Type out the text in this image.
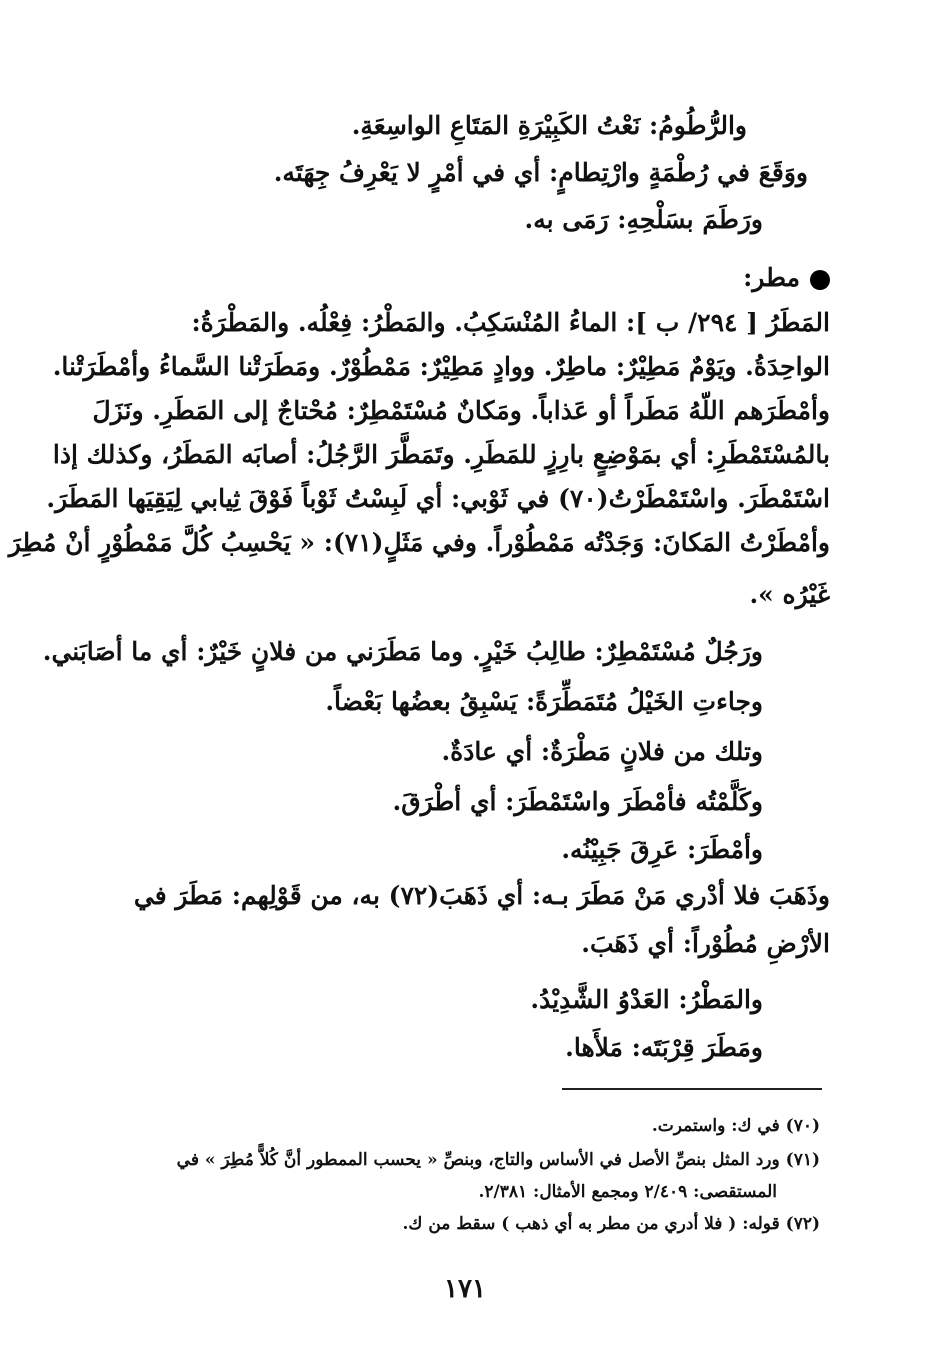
والرُّطُومُ: نَعْتُ الكَبِيْرَةِ المَتَاعِ الواسِعَةِ.
ووَقَعَ في رُطْمَةٍ وارْتِطامٍ: أي في أمْرٍ لا يَعْرِفُ جِهَتَه.
ورَطَمَ بسَلْحِهِ: رَمَى به.
مطر:
المَطَرُ [ ٢٩٤/ ب ]: الماءُ المُنْسَكِبُ. والمَطْرُ: فِعْلُه. والمَطْرَةُ:
الواحِدَةُ. ويَوْمٌ مَطِيْرٌ: ماطِرٌ. ووادٍ مَطِيْرٌ: مَمْطُوْرٌ. ومَطَرَتْنا السَّماءُ وأمْطَرَتْنا.
وأمْطَرَهم اللّهُ مَطَراً أو عَذاباً. ومَكانٌ مُسْتَمْطِرٌ: مُحْتاجٌ إلى المَطَرِ. ونَزَلَ
بالمُسْتَمْطَرِ: أي بمَوْضِعٍ بارِزٍ للمَطَرِ. وتَمَطَّرَ الرَّجُلُ: أصابَه المَطَرُ، وكذلك إذا
اسْتَمْطَرَ. واسْتَمْطَرْتُ(٧٠) في ثَوْبي: أي لَبِسْتُ ثَوْباً فَوْقَ ثِيابي لِيَقِيَها المَطَرَ.
وأمْطَرْتُ المَكانَ: وَجَدْتُه مَمْطُوْراً. وفي مَثَلٍ(٧١): « يَحْسِبُ كُلَّ مَمْطُوْرٍ أنْ مُطِرَ
غَيْرُه ».
ورَجُلٌ مُسْتَمْطِرٌ: طالِبُ خَيْرٍ. وما مَطَرَني من فلانٍ خَيْرٌ: أي ما أصَابَني.
وجاءتِ الخَيْلُ مُتَمَطِّرَةً: يَسْبِقُ بعضُها بَعْضاً.
وتلك من فلانٍ مَطْرَةٌ: أي عادَةٌ.
وكَلَّمْتُه فأمْطَرَ واسْتَمْطَرَ: أي أطْرَقَ.
وأمْطَرَ: عَرِقَ جَبِيْنُه.
وذَهَبَ فلا أدْري مَنْ مَطَرَ بـه: أي ذَهَبَ(٧٢) به، من قَوْلِهم: مَطَرَ في
الأرْضِ مُطُوْراً: أي ذَهَبَ.
والمَطْرُ: العَدْوُ الشَّدِيْدُ.
ومَطَرَ قِرْبَتَه: مَلأَها.
(٧٠) في ك: واستمرت.
(٧١) ورد المثل بنصِّ الأصل في الأساس والتاج، وبنصِّ « يحسب الممطور أنَّ كُلاًّ مُطِرَ » في
المستقصى: ٢/٤٠٩ ومجمع الأمثال: ٢/٣٨١.
(٧٢) قوله: ( فلا أدري من مطر به أي ذهب ) سقط من ك.
١٧١
